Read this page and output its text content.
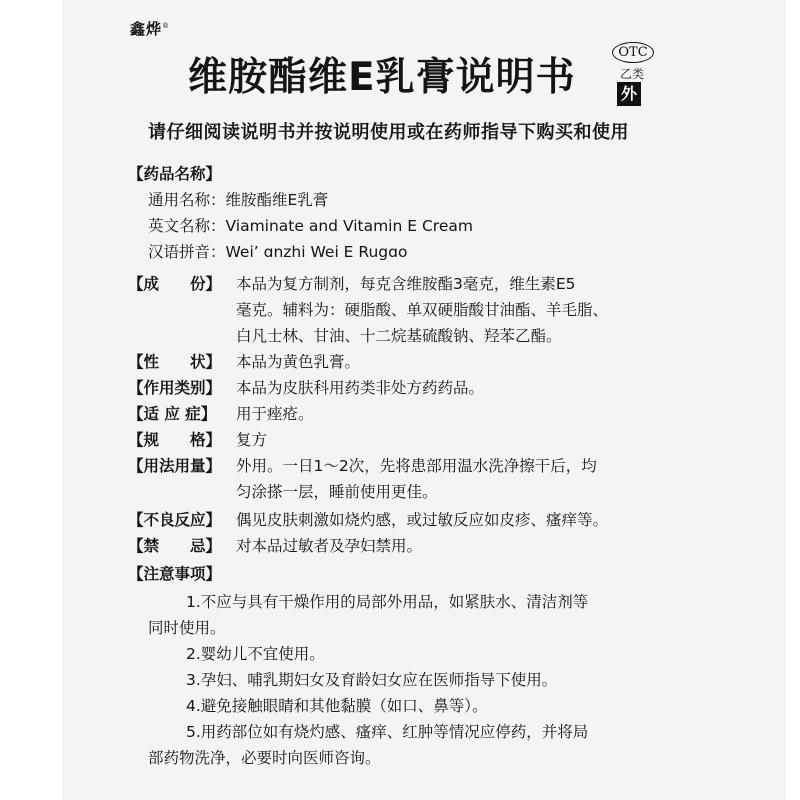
鑫烨®
维胺酯维E乳膏说明书
OTC
乙类
外
请仔细阅读说明书并按说明使用或在药师指导下购买和使用
【药品名称】
通用名称：维胺酯维E乳膏
英文名称：Viaminate and Vitamin E Cream
汉语拼音：Wei’ ɑnzhi Wei E Rugɑo
【成　　份】 本品为复方制剂，每克含维胺酯3毫克，维生素E5
毫克。辅料为：硬脂酸、单双硬脂酸甘油酯、羊毛脂、
白凡士林、甘油、十二烷基硫酸钠、羟苯乙酯。
【性　　状】 本品为黄色乳膏。
【作用类别】 本品为皮肤科用药类非处方药药品。
【适 应 症】 用于痤疮。
【规　　格】 复方
【用法用量】 外用。一日1～2次，先将患部用温水洗净擦干后，均
匀涂搽一层，睡前使用更佳。
【不良反应】 偶见皮肤刺激如烧灼感，或过敏反应如皮疹、瘙痒等。
【禁　　忌】 对本品过敏者及孕妇禁用。
【注意事项】
1.不应与具有干燥作用的局部外用品，如紧肤水、清洁剂等
同时使用。
2.婴幼儿不宜使用。
3.孕妇、哺乳期妇女及育龄妇女应在医师指导下使用。
4.避免接触眼睛和其他黏膜（如口、鼻等）。
5.用药部位如有烧灼感、瘙痒、红肿等情况应停药，并将局
部药物洗净，必要时向医师咨询。
